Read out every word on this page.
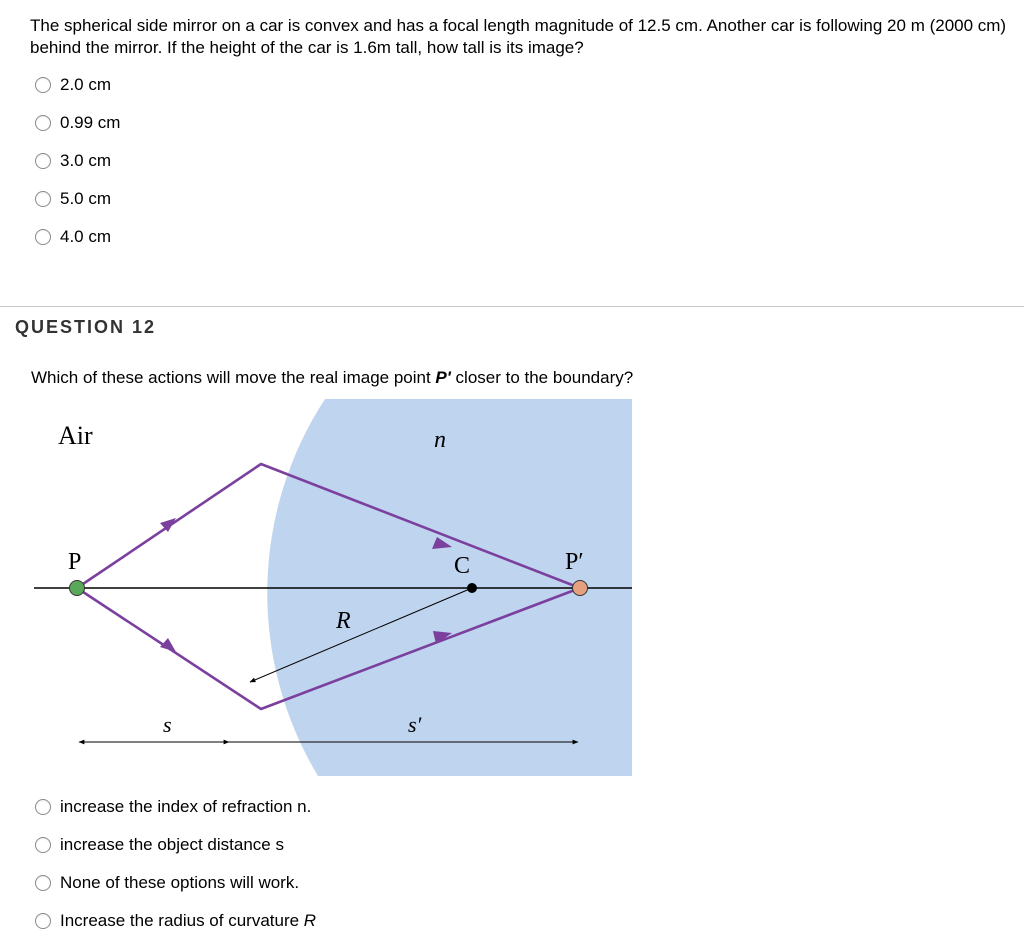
The spherical side mirror on a car is convex and has a focal length magnitude of 12.5 cm. Another car is following 20 m (2000 cm) behind the mirror. If the height of the car is 1.6m tall, how tall is its image?
2.0 cm
0.99 cm
3.0 cm
5.0 cm
4.0 cm
QUESTION 12
Which of these actions will move the real image point P' closer to the boundary?
Air	n
P	C	P′
R
s	s′
increase the index of refraction n.
increase the object distance s
None of these options will work.
Increase the radius of curvature R
